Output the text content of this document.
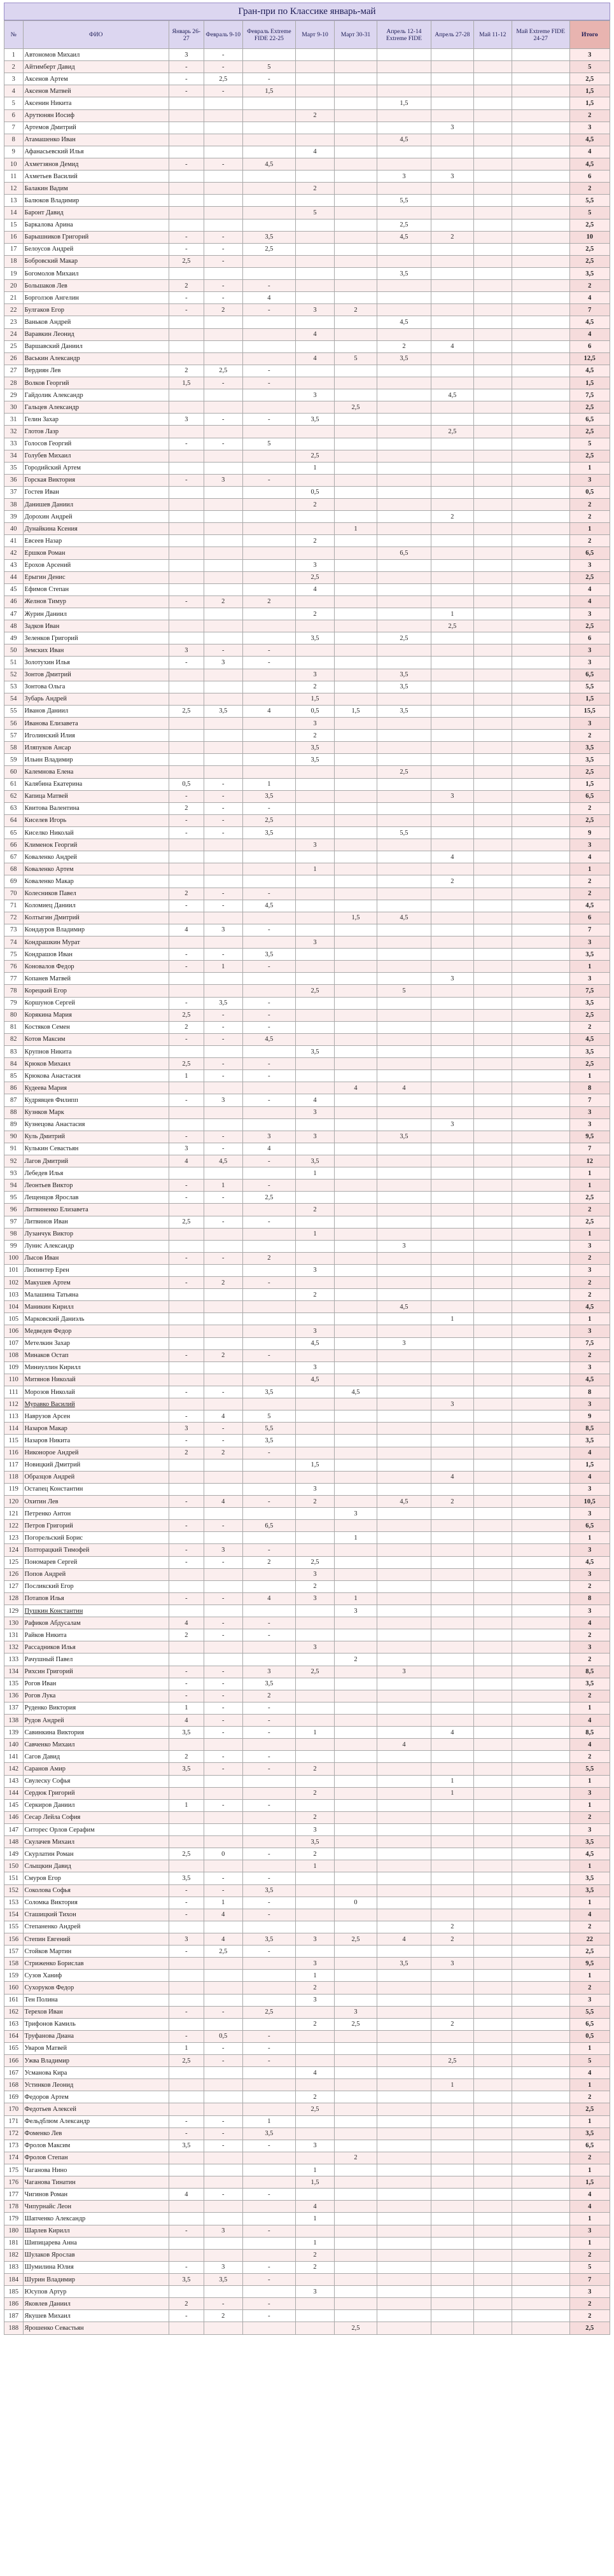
Гран-при по Классике январь-май
№	ФИО	Январь 26-27	Февраль 9-10	Февраль Extreme FIDE 22-25	Март 9-10	Март 30-31	Апрель 12-14 Extreme FIDE	Апрель 27-28	Май 11-12	Май Extreme FIDE 24-27	Итого
1	Автономов Михаил	3	-								3
2	Айтимберт Давид	-	-	5							5
3	Аксенов Артем	-	2,5	-							2,5
4	Аксенов Матвей	-	-	1,5							1,5
5	Аксенин Никита						1,5				1,5
6	Арутюнян Иосиф				2						2
7	Артемов Дмитрий							3			3
8	Атамашенко Иван						4,5				4,5
9	Афанасьевский Илья				4						4
10	Ахметзянов Демид	-	-	4,5							4,5
11	Ахметьев Василий						3	3			6
12	Балакин Вадим				2						2
13	Балюков Владимир						5,5				5,5
14	Баронт Давид				5						5
15	Баркалова Арина						2,5				2,5
16	Барышников Григорий	-	-	3,5			4,5	2			10
17	Белоусов Андрей	-	-	2,5							2,5
18	Бобровский Макар	2,5	-								2,5
19	Богомолов Михаил						3,5				3,5
20	Большаков Лев	2	-	-							2
21	Борголзов Ангелин	-	-	4							4
22	Булгаков Егор	-	2	-	3	2					7
23	Ваньков Андрей						4,5				4,5
24	Варавкин Леонид				4						4
25	Варшавский Даниил						2	4			6
26	Васькин Александр				4	5	3,5				12,5
27	Вердиян Лев	2	2,5	-							4,5
28	Волков Георгий	1,5	-	-							1,5
29	Гайдолик Александр				3			4,5			7,5
30	Гальцев Александр					2,5					2,5
31	Гелин Захар	3	-	-	3,5						6,5
32	Глотов Лазр							2,5			2,5
33	Голосов Георгий	-	-	5							5
34	Голубев Михаил				2,5						2,5
35	Городийский Артем				1						1
36	Горская Виктория	-	3	-							3
37	Гостев Иван				0,5						0,5
38	Данишев Даниил				2						2
39	Дорохин Андрей							2			2
40	Дунайкина Ксения					1					1
41	Евсеев Назар				2						2
42	Ершков Роман						6,5				6,5
43	Ерохов Арсений				3						3
44	Ерыгин Денис				2,5						2,5
45	Ефимов Степан				4						4
46	Желнов Тимур	-	2	2							4
47	Журин Даниил				2			1			3
48	Задков Иван							2,5			2,5
49	Зеленков Григорий				3,5		2,5				6
50	Земских Иван	3	-	-							3
51	Золотухин Илья	-	3	-							3
52	Зонтов Дмитрий				3		3,5				6,5
53	Зонтова Ольга				2		3,5				5,5
54	Зубарь Андрей				1,5						1,5
55	Иванов Даниил	2,5	3,5	4	0,5	1,5	3,5				15,5
56	Иванова Елизавета				3						3
57	Иголинский Илия				2						2
58	Иляпуков Ансар				3,5						3,5
59	Ильин Владимир				3,5						3,5
60	Калемнова Елена						2,5				2,5
61	Калябина Екатерина	0,5	-	1							1,5
62	Капица Матвей	-	-	3,5				3			6,5
63	Квитова Валентина	2	-	-							2
64	Киселев Игорь	-	-	2,5							2,5
65	Киселко Николай	-	-	3,5			5,5				9
66	Клименок Георгий				3						3
67	Коваленко Андрей							4			4
68	Коваленко Артем				1						1
69	Коваленко Макар							2			2
70	Колесников Павел	2	-	-							2
71	Коломиец Даниил	-	-	4,5							4,5
72	Колтыгин Дмитрий					1,5	4,5				6
73	Кондауров Владимир	4	3	-							7
74	Кондрашкин Мурат				3						3
75	Кондрашов Иван	-	-	3,5							3,5
76	Коновалов Федор	-	1	-							1
77	Копанев Матвей							3			3
78	Корецкий Егор				2,5		5				7,5
79	Коршунов Сергей	-	3,5	-							3,5
80	Корякина Мария	2,5	-	-							2,5
81	Костяков Семен	2	-	-							2
82	Котов Максим	-	-	4,5							4,5
83	Крупнов Никита				3,5						3,5
84	Крюков Михаил	2,5	-	-							2,5
85	Крюкова Анастасия	1	-	-							1
86	Кудеева Мария					4	4				8
87	Кудрявцев Филипп	-	3	-	4						7
88	Кузнков Марк				3						3
89	Кузнецова Анастасия							3			3
90	Куль Дмитрий	-	-	3	3		3,5				9,5
91	Кулькин Севастьян	3	-	4							7
92	Лагов Дмитрий	4	4,5	-	3,5						12
93	Лебедев Илья				1						1
94	Леонтьев Виктор	-	1	-							1
95	Лещенцов Ярослав	-	-	2,5							2,5
96	Литвиненко Елизавета				2						2
97	Литвинов Иван	2,5	-	-							2,5
98	Лузанчук Виктор				1						1
99	Лунис Александр						3				3
100	Лысов Иван	-	-	2							2
101	Люпинтер Ерен				3						3
102	Макушев Артем	-	2	-							2
103	Малашина Татьяна				2						2
104	Маникин Кирилл						4,5				4,5
105	Марковский Даниэль							1			1
106	Медведев Федор				3						3
107	Метелкин Захар				4,5		3				7,5
108	Минаков Остап	-	2	-							2
109	Миниуллин Кирилл				3						3
110	Митянов Николай				4,5						4,5
111	Морозов Николай	-	-	3,5		4,5					8
112	Муравко Василий							3			3
113	Наврузов Арсен	-	4	5							9
114	Назаров Макар	3	-	5,5							8,5
115	Назаров Никита	-	-	3,5							3,5
116	Никонорое Андрей	2	2	-							4
117	Новицкий Дмитрий				1,5						1,5
118	Образцов Андрей							4			4
119	Остапец Константин				3						3
120	Охитин Лев	-	4	-	2		4,5	2			10,5
121	Петренко Антон					3					3
122	Петров Григорий	-	-	6,5							6,5
123	Погорельский Борис					1					1
124	Полторацкий Тимофей	-	3	-							3
125	Пономарев Сергей	-	-	2	2,5						4,5
126	Попов Андрей				3						3
127	Посликский Егор				2						2
128	Потапов Илья	-	-	4	3	1					8
129	Пушкин Константин					3					3
130	Рафиков Абдусалам	4	-	-							4
131	Райков Никита	2	-	-							2
132	Рассадников Илья				3						3
133	Рачушный Павел					2					2
134	Рихсин Григорий	-	-	3	2,5		3				8,5
135	Рогов Иван	-	-	3,5							3,5
136	Рогов Лука	-	-	2							2
137	Руденко Виктория	1	-	-							1
138	Рудов Андрей	4	-	-							4
139	Савинкина Виктория	3,5	-	-	1			4			8,5
140	Савченко Михаил						4				4
141	Сагов Давид	2	-	-							2
142	Саранов Амир	3,5	-	-	2						5,5
143	Свулеску Софья							1			1
144	Сердюк Григорий				2			1			3
145	Серкиров Даниил	1	-	-							1
146	Сесар Лейла София				2						2
147	Ситорес Орлов Серафим				3						3
148	Скулачев Михаил				3,5						3,5
149	Скурлатин Роман	2,5	0	-	2						4,5
150	Слыщкин Давид				1						1
151	Смуров Егор	3,5	-	-							3,5
152	Соколова Софья	-	-	3,5							3,5
153	Соломка Виктория	-	1	-		0					1
154	Сташицкий Тихон	-	4	-							4
155	Степаненко Андрей							2			2
156	Степин Евгений	3	4	3,5	3	2,5	4	2			22
157	Стойков Мартин	-	2,5	-							2,5
158	Стриженко Борислав				3		3,5	3			9,5
159	Сузов Ханиф				1						1
160	Сухоруков Федор				2						2
161	Тен Полина				3						3
162	Терехов Иван	-	-	2,5		3					5,5
163	Трифонов Камиль				2	2,5		2			6,5
164	Труфанова Диана	-	0,5	-							0,5
165	Уваров Матвей	1	-	-							1
166	Ужва Владимир	2,5	-	-				2,5			5
167	Усманова Кира				4						4
168	Устинков Леонид							1			1
169	Федоров Артем				2						2
170	Федотьев Алексей				2,5						2,5
171	Фельдблюм Александр	-	-	1							1
172	Фоменко Лев	-	-	3,5							3,5
173	Фролов Максим	3,5	-	-	3						6,5
174	Фролов Степан					2					2
175	Чаганова Нино				1						1
176	Чаганова Тинатин				1,5						1,5
177	Чигинов Роман	4	-	-							4
178	Чипурнайс Леон				4						4
179	Шапченко Александр				1						1
180	Шарлев Кирилл	-	3	-							3
181	Шипицарева Анна				1						1
182	Шулаков Ярослав				2						2
183	Шумилина Юлия	-	3	-	2						5
184	Шурин Владимир	3,5	3,5	-							7
185	Юсупов Артур				3						3
186	Яковлев Даниил	2	-	-							2
187	Якушев Михаил	-	2	-							2
188	Ярошенко Севастьян					2,5					2,5
